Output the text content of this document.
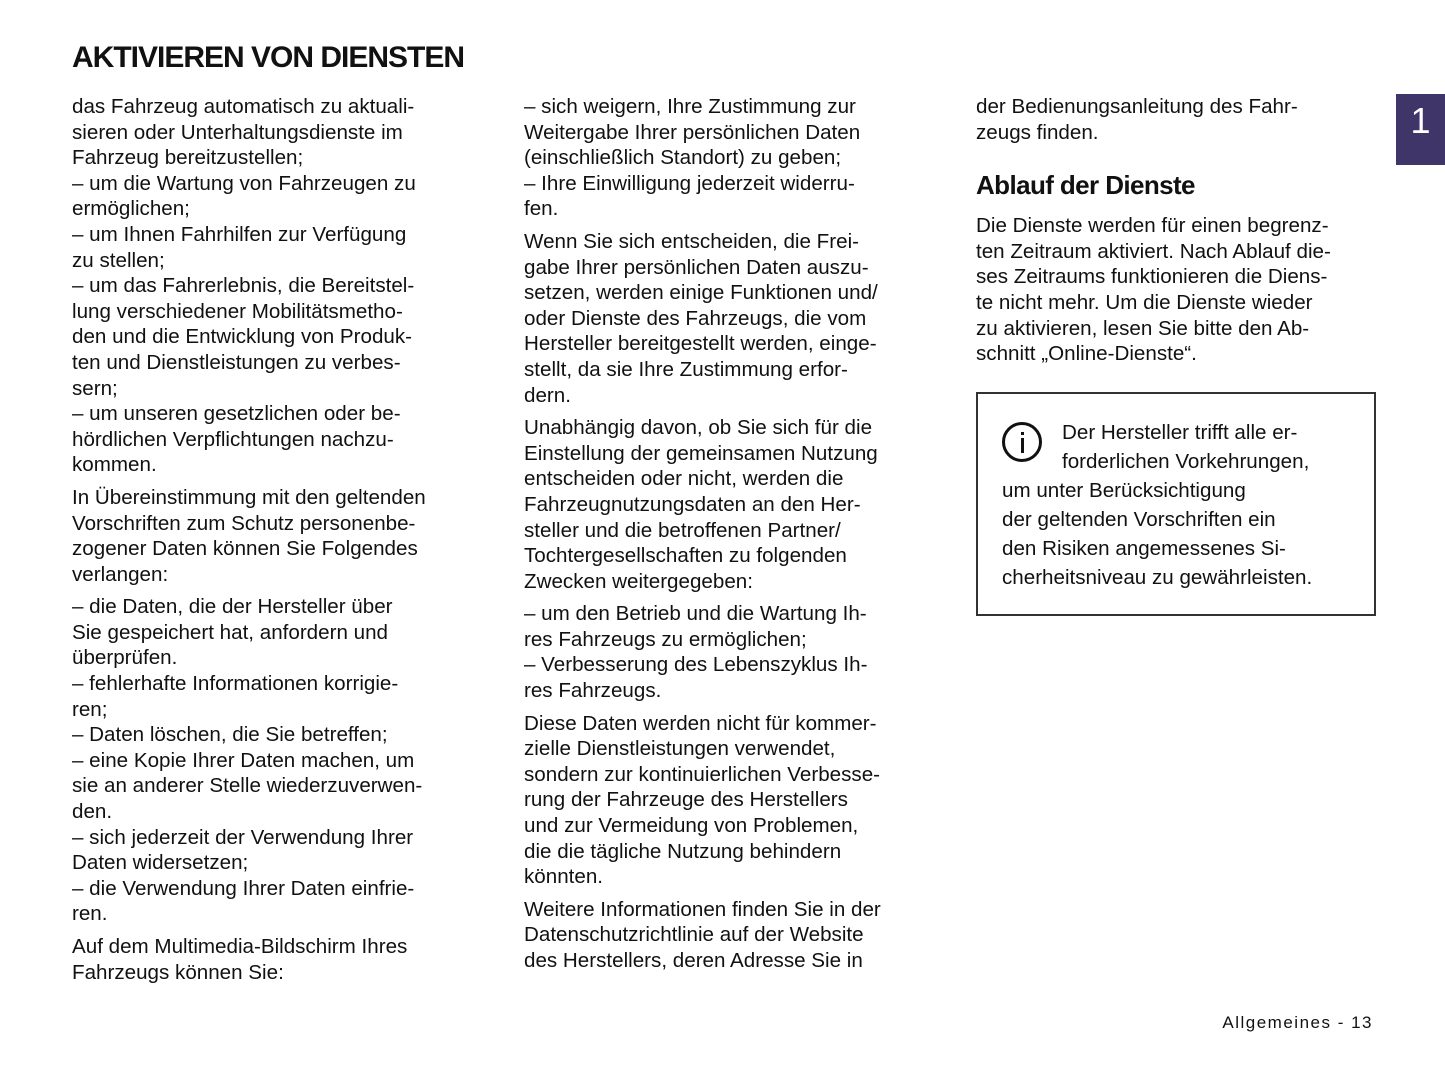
AKTIVIEREN VON DIENSTEN
1

das Fahrzeug automatisch zu aktuali-
sieren oder Unterhaltungsdienste im
Fahrzeug bereitzustellen;
– um die Wartung von Fahrzeugen zu
ermöglichen;
– um Ihnen Fahrhilfen zur Verfügung
zu stellen;
– um das Fahrerlebnis, die Bereitstel-
lung verschiedener Mobilitätsmetho-
den und die Entwicklung von Produk-
ten und Dienstleistungen zu verbes-
sern;
– um unseren gesetzlichen oder be-
hördlichen Verpflichtungen nachzu-
kommen.

In Übereinstimmung mit den geltenden
Vorschriften zum Schutz personenbe-
zogener Daten können Sie Folgendes
verlangen:

– die Daten, die der Hersteller über
Sie gespeichert hat, anfordern und
überprüfen.
– fehlerhafte Informationen korrigie-
ren;
– Daten löschen, die Sie betreffen;
– eine Kopie Ihrer Daten machen, um
sie an anderer Stelle wiederzuverwen-
den.
– sich jederzeit der Verwendung Ihrer
Daten widersetzen;
– die Verwendung Ihrer Daten einfrie-
ren.

Auf dem Multimedia-Bildschirm Ihres
Fahrzeugs können Sie:

– sich weigern, Ihre Zustimmung zur
Weitergabe Ihrer persönlichen Daten
(einschließlich Standort) zu geben;
– Ihre Einwilligung jederzeit widerru-
fen.

Wenn Sie sich entscheiden, die Frei-
gabe Ihrer persönlichen Daten auszu-
setzen, werden einige Funktionen und/
oder Dienste des Fahrzeugs, die vom
Hersteller bereitgestellt werden, einge-
stellt, da sie Ihre Zustimmung erfor-
dern.

Unabhängig davon, ob Sie sich für die
Einstellung der gemeinsamen Nutzung
entscheiden oder nicht, werden die
Fahrzeugnutzungsdaten an den Her-
steller und die betroffenen Partner/
Tochtergesellschaften zu folgenden
Zwecken weitergegeben:

– um den Betrieb und die Wartung Ih-
res Fahrzeugs zu ermöglichen;
– Verbesserung des Lebenszyklus Ih-
res Fahrzeugs.

Diese Daten werden nicht für kommer-
zielle Dienstleistungen verwendet,
sondern zur kontinuierlichen Verbesse-
rung der Fahrzeuge des Herstellers
und zur Vermeidung von Problemen,
die die tägliche Nutzung behindern
könnten.

Weitere Informationen finden Sie in der
Datenschutzrichtlinie auf der Website
des Herstellers, deren Adresse Sie in

der Bedienungsanleitung des Fahr-
zeugs finden.

Ablauf der Dienste

Die Dienste werden für einen begrenz-
ten Zeitraum aktiviert. Nach Ablauf die-
ses Zeitraums funktionieren die Diens-
te nicht mehr. Um die Dienste wieder
zu aktivieren, lesen Sie bitte den Ab-
schnitt „Online-Dienste“.

Der Hersteller trifft alle er-
forderlichen Vorkehrungen,
um unter Berücksichtigung
der geltenden Vorschriften ein
den Risiken angemessenes Si-
cherheitsniveau zu gewährleisten.
Allgemeines - 13
